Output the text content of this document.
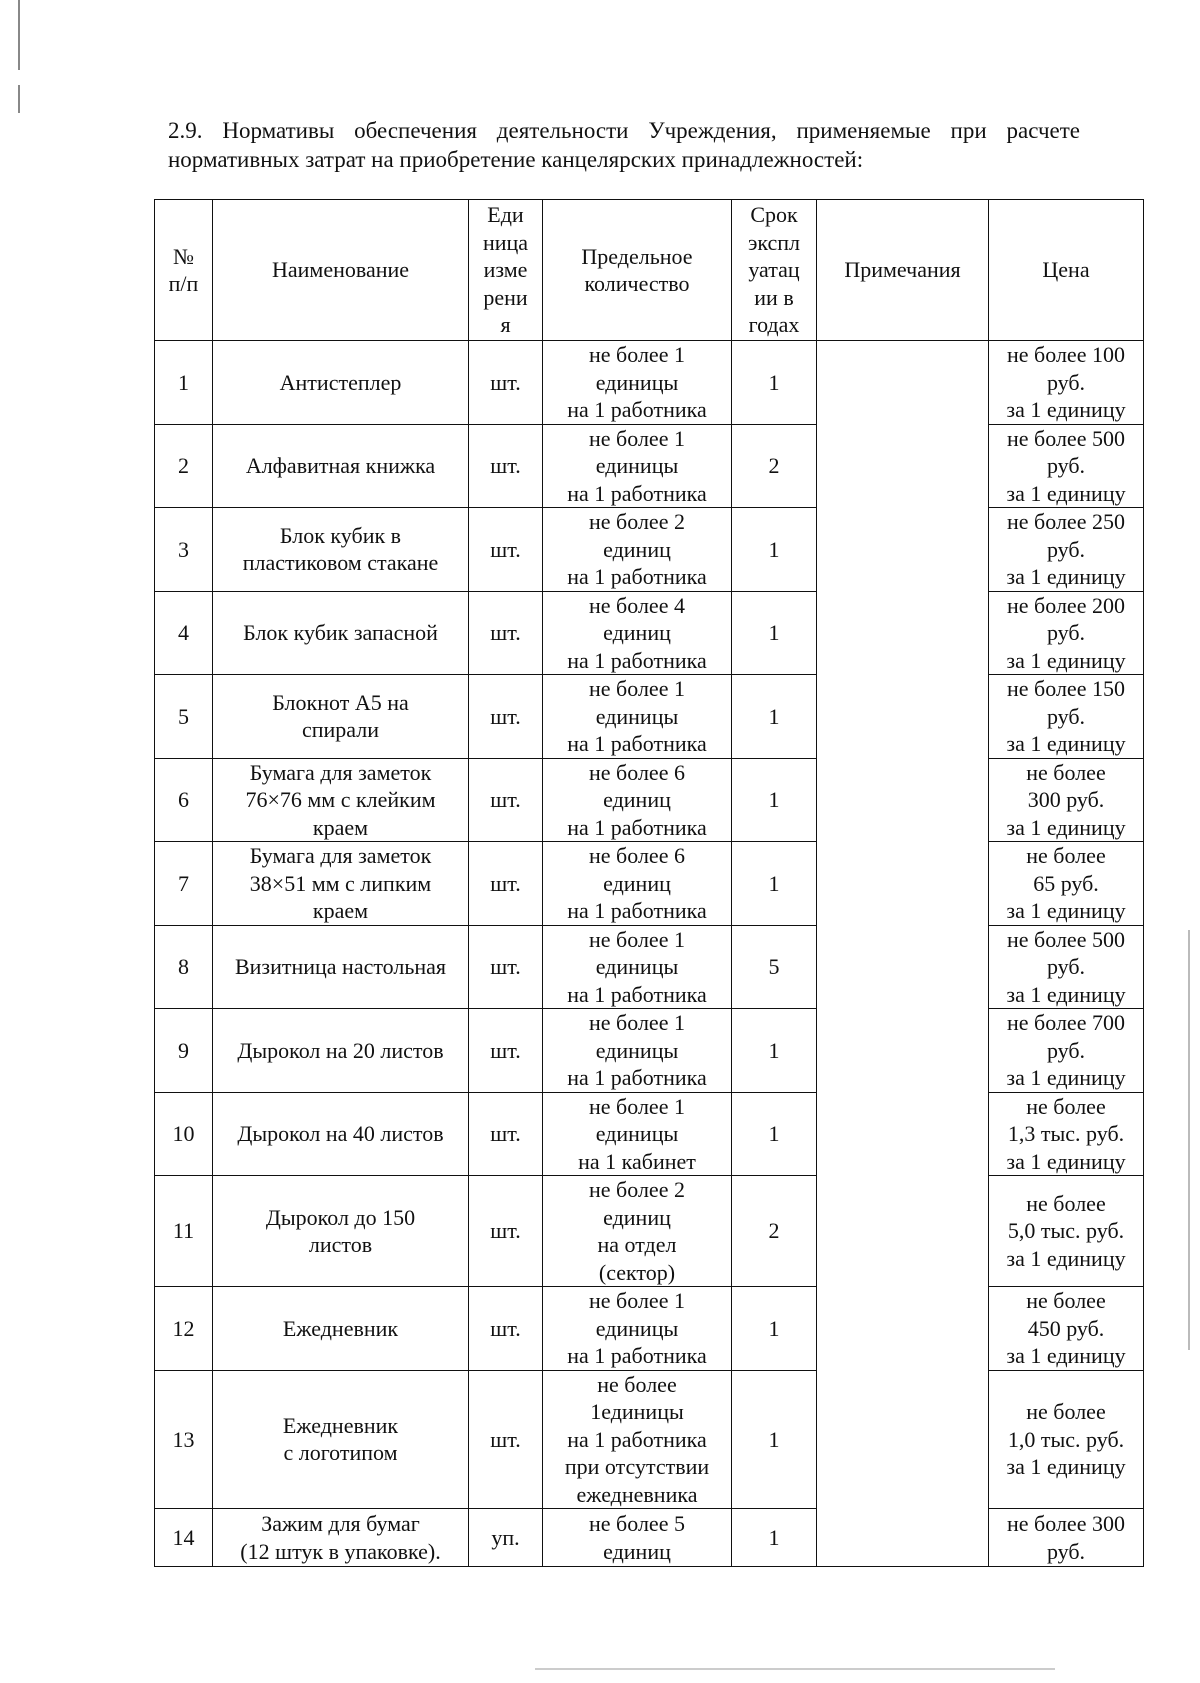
2.9. Нормативы обеспечения деятельности Учреждения, применяемые при расчете
нормативных затрат на приобретение канцелярских принадлежностей:
№
п/п	Наименование	Еди
ница
изме
рени
я	Предельное
количество	Срок
экспл
уатац
ии в
годах	Примечания	Цена

1	Антистеплер	шт.	не более 1
единицы
на 1 работника	1		не более 100
руб.
за 1 единицу

2	Алфавитная книжка	шт.	не более 1
единицы
на 1 работника	2		не более 500
руб.
за 1 единицу

3	Блок кубик в
пластиковом стакане	шт.	не более 2
единиц
на 1 работника	1		не более 250
руб.
за 1 единицу

4	Блок кубик запасной	шт.	не более 4
единиц
на 1 работника	1		не более 200
руб.
за 1 единицу

5	Блокнот А5 на
спирали	шт.	не более 1
единицы
на 1 работника	1		не более 150
руб.
за 1 единицу

6	Бумага для заметок
76×76 мм с клейким
краем	шт.	не более 6
единиц
на 1 работника	1		не более
300 руб.
за 1 единицу

7	Бумага для заметок
38×51 мм с липким
краем	шт.	не более 6
единиц
на 1 работника	1		не более
65 руб.
за 1 единицу

8	Визитница настольная	шт.	не более 1
единицы
на 1 работника	5		не более 500
руб.
за 1 единицу

9	Дырокол на 20 листов	шт.	не более 1
единицы
на 1 работника	1		не более 700
руб.
за 1 единицу

10	Дырокол на 40 листов	шт.	не более 1
единицы
на 1 кабинет	1		не более
1,3 тыс. руб.
за 1 единицу

11	Дырокол до 150
листов	шт.	не более 2
единиц
на отдел
(сектор)	2		не более
5,0 тыс. руб.
за 1 единицу

12	Ежедневник	шт.	не более 1
единицы
на 1 работника	1		не более
450 руб.
за 1 единицу

13	Ежедневник
с логотипом	шт.	не более
1единицы
на 1 работника
при отсутствии
ежедневника	1		не более
1,0 тыс. руб.
за 1 единицу

14	Зажим для бумаг
(12 штук в упаковке).	уп.	не более 5
единиц	1		не более 300
руб.
